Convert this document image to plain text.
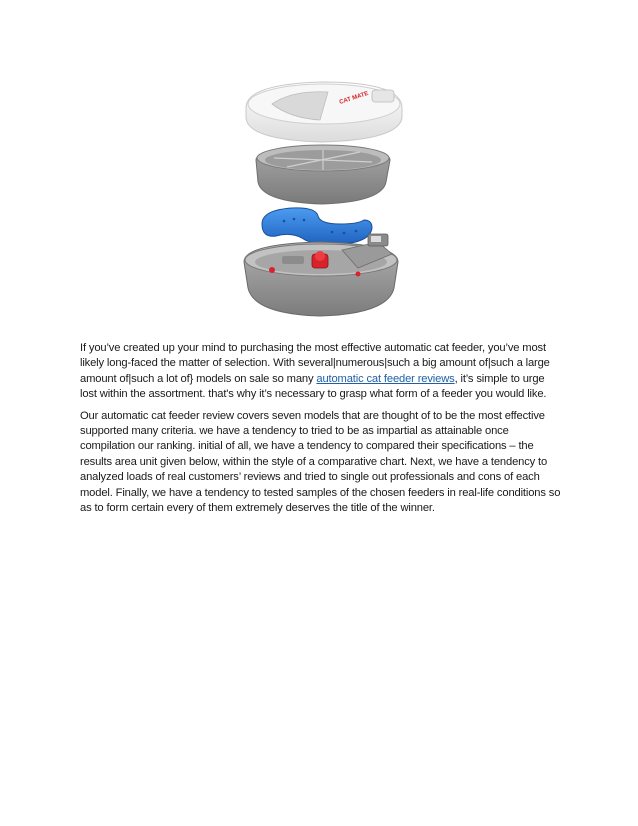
CAT MATE

If you’ve created up your mind to purchasing the most effective automatic cat feeder, you’ve most likely long-faced the matter of selection. With several|numerous|such a big amount of|such a large amount of|such a lot of} models on sale so many automatic cat feeder reviews, it’s simple to urge lost within the assortment. that's why it’s necessary to grasp what form of a feeder you would like.

Our automatic cat feeder review covers seven models that are thought of to be the most effective supported many criteria. we have a tendency to tried to be as impartial as attainable once compilation our ranking. initial of all, we have a tendency to compared their specifications – the results area unit given below, within the style of a comparative chart. Next, we have a tendency to analyzed loads of real customers’ reviews and tried to single out professionals and cons of each model. Finally, we have a tendency to tested samples of the chosen feeders in real-life conditions so as to form certain every of them extremely deserves the title of the winner.
